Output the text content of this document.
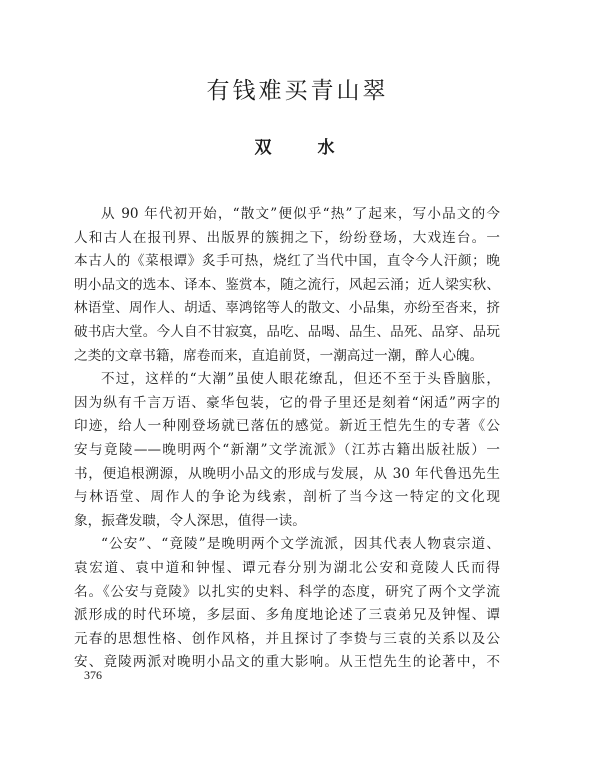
有钱难买青山翠
双 水
从 90 年代初开始，“散文”便似乎“热”了起来，写小品文的今
人和古人在报刊界、出版界的簇拥之下，纷纷登场，大戏连台。一
本古人的《菜根谭》炙手可热，烧红了当代中国，直令今人汗颜；晚
明小品文的选本、译本、鉴赏本，随之流行，风起云涌；近人梁实秋、
林语堂、周作人、胡适、辜鸿铭等人的散文、小品集，亦纷至沓来，挤
破书店大堂。今人自不甘寂寞，品吃、品喝、品生、品死、品穿、品玩
之类的文章书籍，席卷而来，直追前贤，一潮高过一潮，醉人心魄。
不过，这样的“大潮”虽使人眼花缭乱，但还不至于头昏脑胀，
因为纵有千言万语、豪华包装，它的骨子里还是刻着“闲适”两字的
印迹，给人一种刚登场就已落伍的感觉。新近王恺先生的专著《公
安与竟陵——晚明两个“新潮”文学流派》（江苏古籍出版社版）一
书，便追根溯源，从晚明小品文的形成与发展，从 30 年代鲁迅先生
与林语堂、周作人的争论为线索，剖析了当今这一特定的文化现
象，振聋发聩，令人深思，值得一读。
“公安”、“竟陵”是晚明两个文学流派，因其代表人物袁宗道、
袁宏道、袁中道和钟惺、谭元春分别为湖北公安和竟陵人氏而得
名。《公安与竟陵》以扎实的史料、科学的态度，研究了两个文学流
派形成的时代环境，多层面、多角度地论述了三袁弟兄及钟惺、谭
元春的思想性格、创作风格，并且探讨了李贽与三袁的关系以及公
安、竟陵两派对晚明小品文的重大影响。从王恺先生的论著中，不
376
